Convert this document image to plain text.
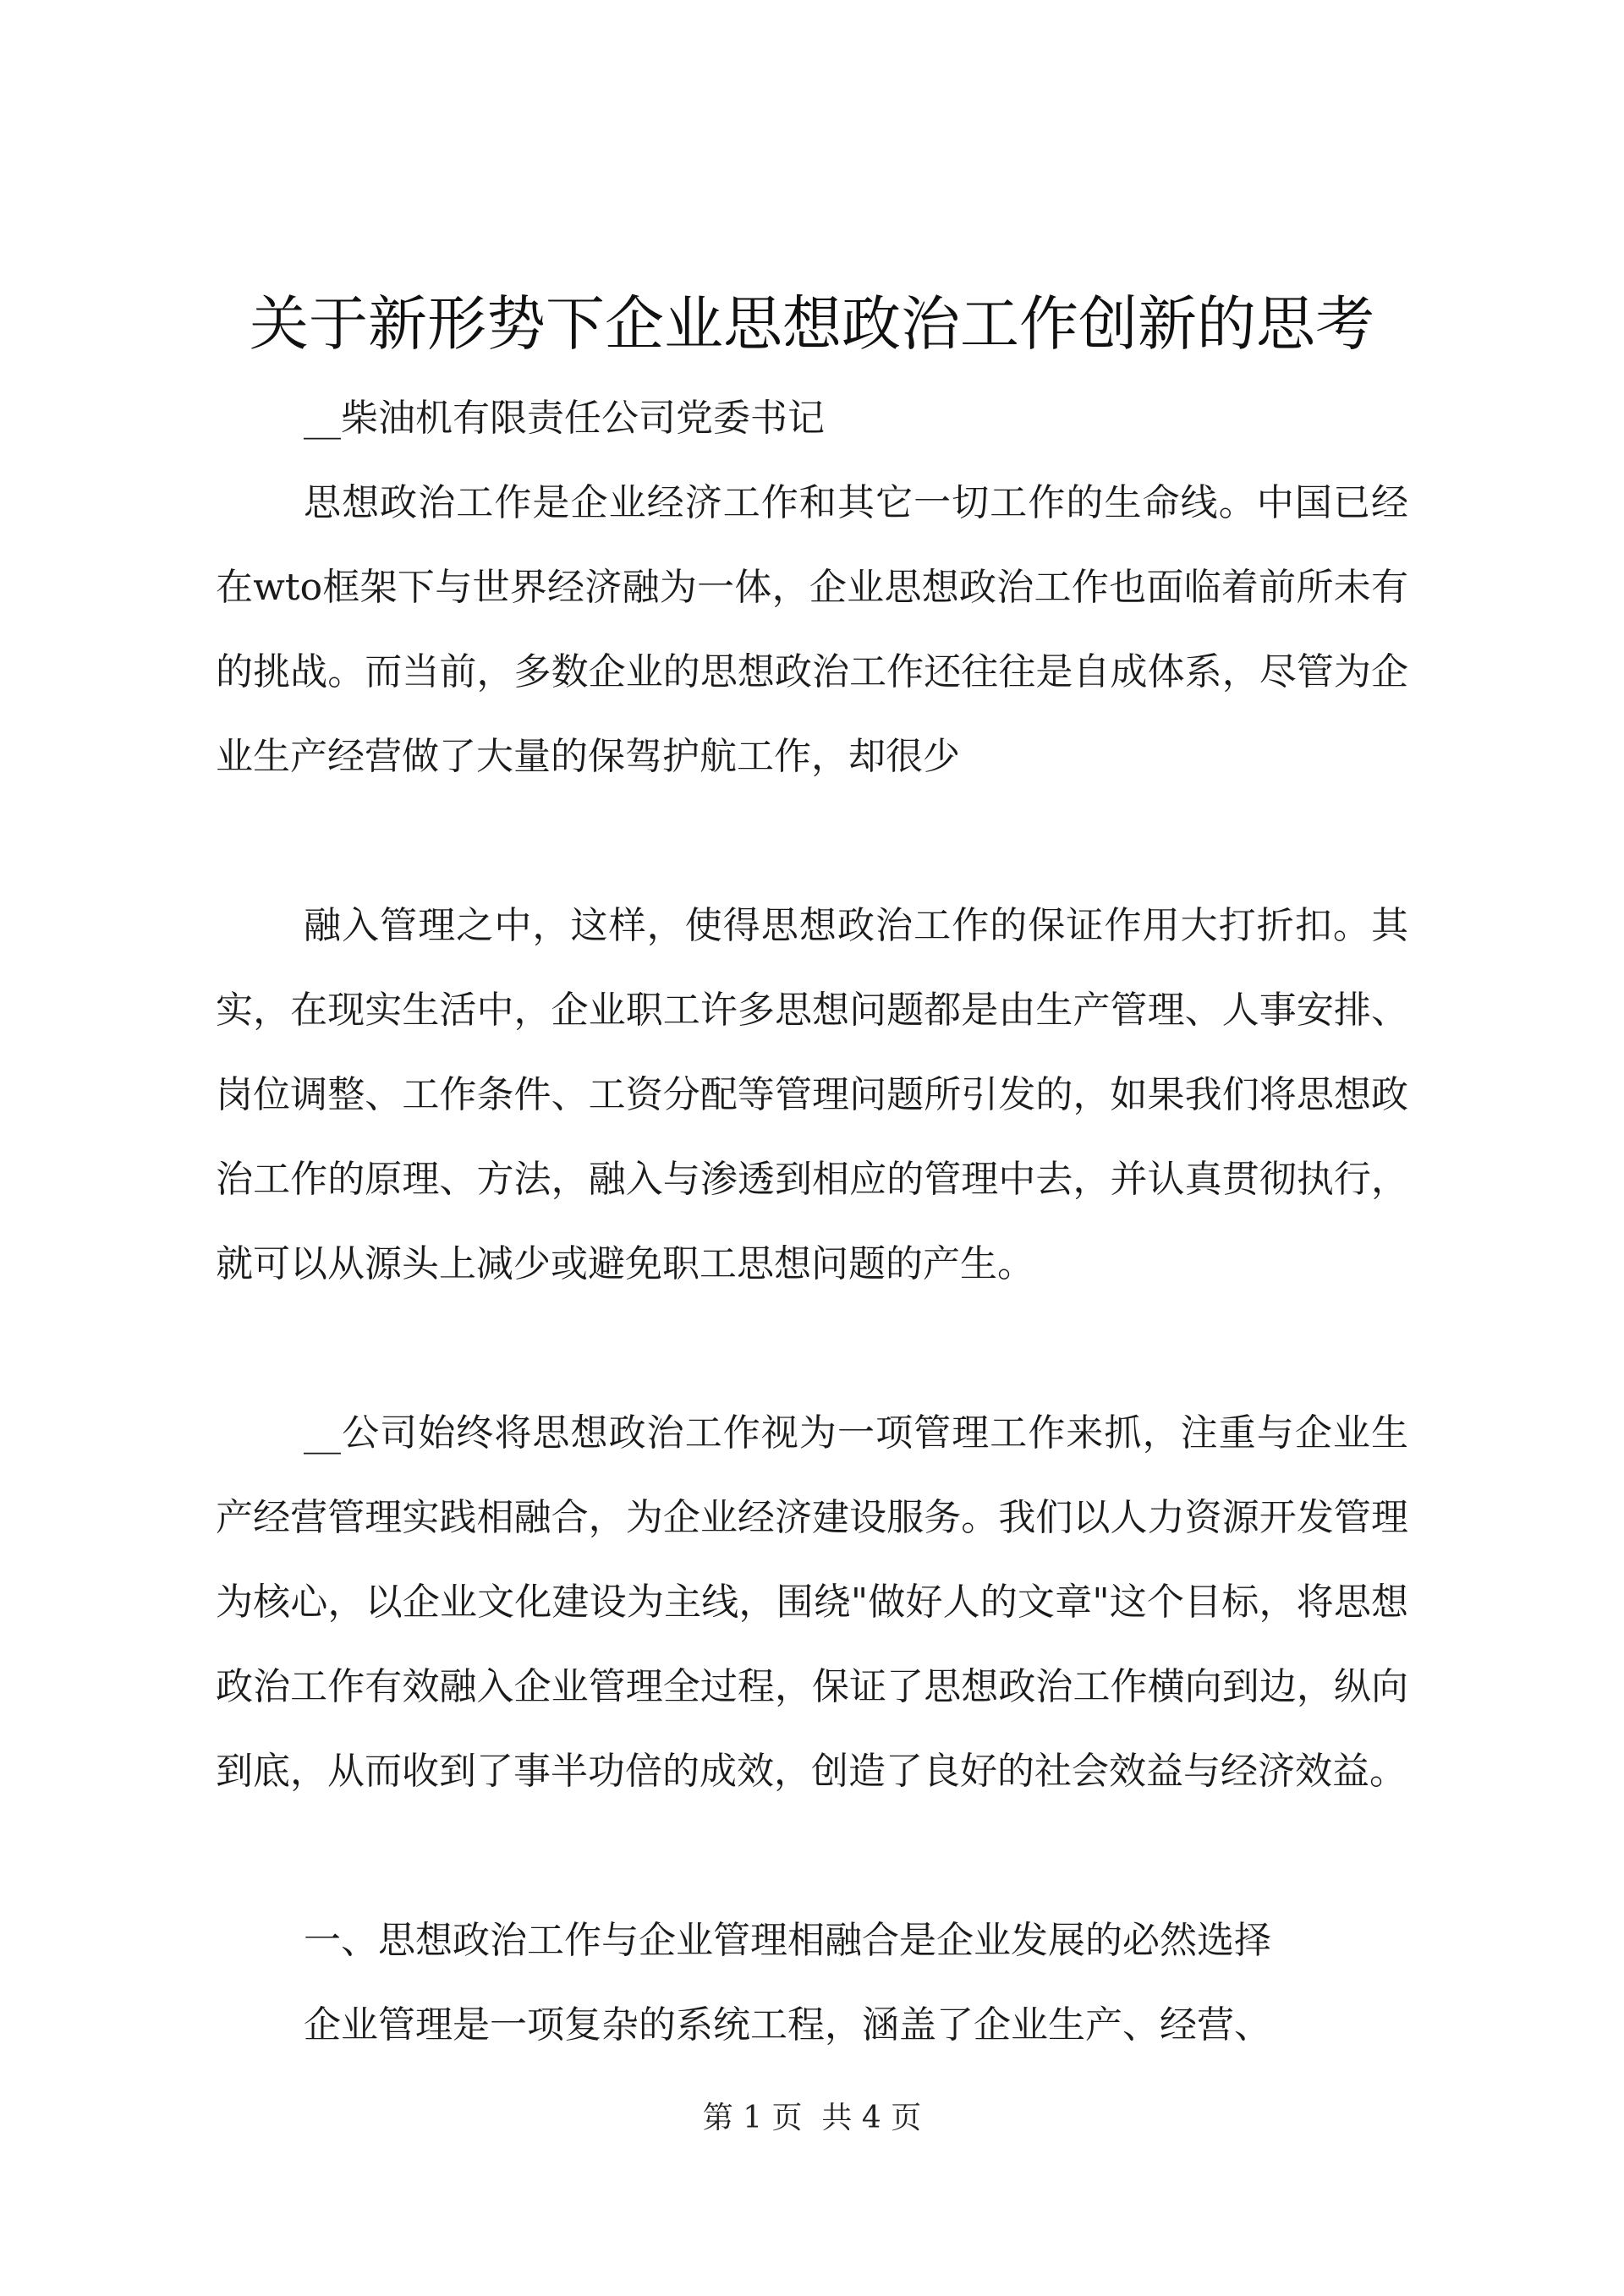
关于新形势下企业思想政治工作创新的思考

__柴油机有限责任公司党委书记

思想政治工作是企业经济工作和其它一切工作的生命线。中国已经在wto框架下与世界经济融为一体，企业思想政治工作也面临着前所未有的挑战。而当前，多数企业的思想政治工作还往往是自成体系，尽管为企业生产经营做了大量的保驾护航工作，却很少

融入管理之中，这样，使得思想政治工作的保证作用大打折扣。其实，在现实生活中，企业职工许多思想问题都是由生产管理、人事安排、岗位调整、工作条件、工资分配等管理问题所引发的，如果我们将思想政治工作的原理、方法，融入与渗透到相应的管理中去，并认真贯彻执行，就可以从源头上减少或避免职工思想问题的产生。

__公司始终将思想政治工作视为一项管理工作来抓，注重与企业生产经营管理实践相融合，为企业经济建设服务。我们以人力资源开发管理为核心，以企业文化建设为主线，围绕"做好人的文章"这个目标，将思想政治工作有效融入企业管理全过程，保证了思想政治工作横向到边，纵向到底，从而收到了事半功倍的成效，创造了良好的社会效益与经济效益。

一、思想政治工作与企业管理相融合是企业发展的必然选择

企业管理是一项复杂的系统工程，涵盖了企业生产、经营、

第 1 页  共 4 页
